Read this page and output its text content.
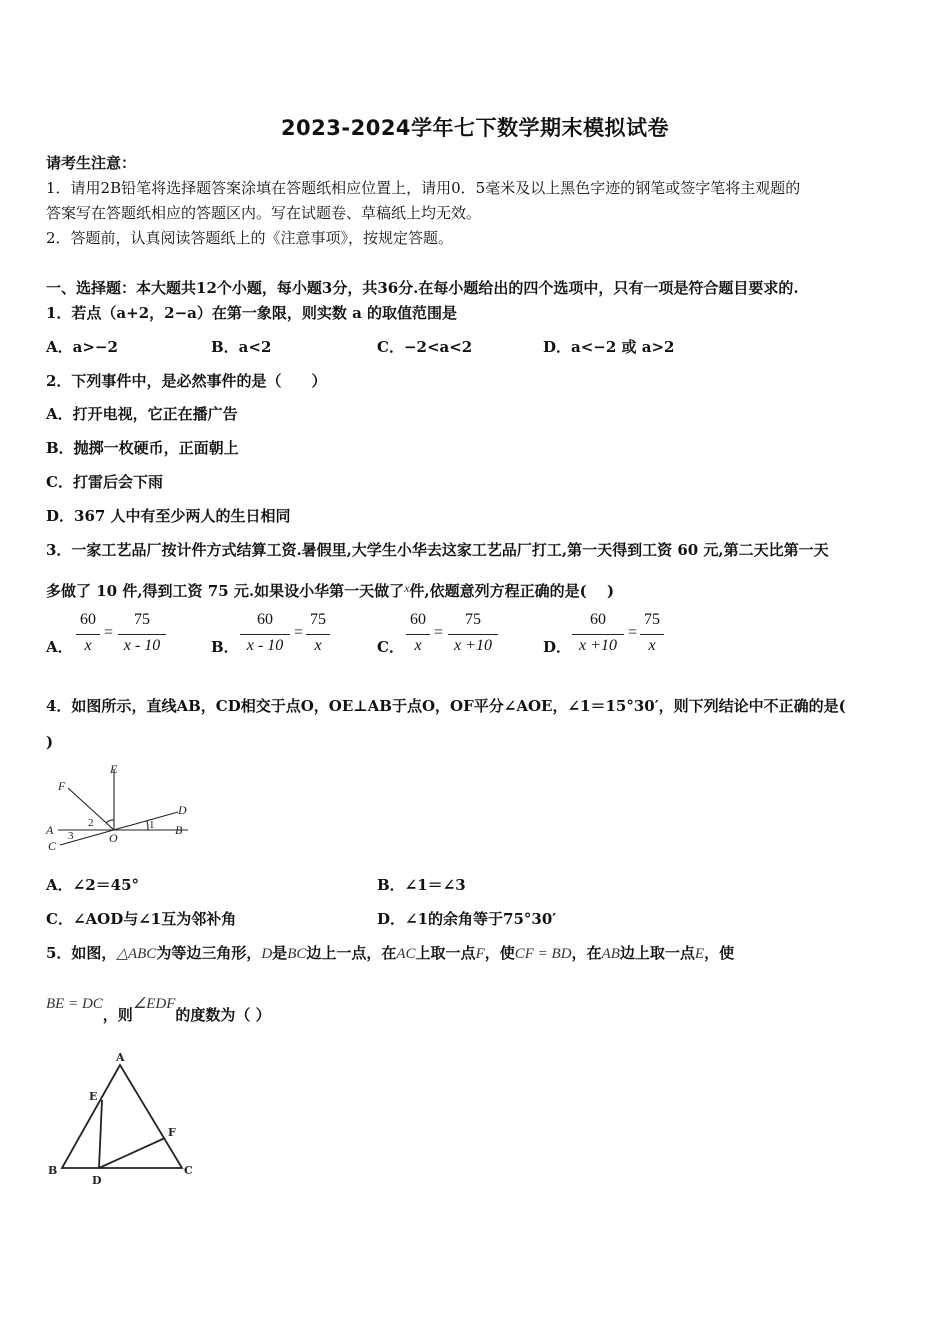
2023-2024学年七下数学期末模拟试卷
请考生注意：
1．请用2B铅笔将选择题答案涂填在答题纸相应位置上，请用0．5毫米及以上黑色字迹的钢笔或签字笔将主观题的
答案写在答题纸相应的答题区内。写在试题卷、草稿纸上均无效。
2．答题前，认真阅读答题纸上的《注意事项》，按规定答题。
一、选择题：本大题共12个小题，每小题3分，共36分.在每小题给出的四个选项中，只有一项是符合题目要求的.
1．若点（a+2，2−a）在第一象限，则实数 a 的取值范围是
A．a>−2	B．a<2	C．−2<a<2	D．a<−2 或 a>2
2．下列事件中，是必然事件的是（　　）
A．打开电视，它正在播广告
B．抛掷一枚硬币，正面朝上
C．打雷后会下雨
D．367 人中有至少两人的生日相同
3．一家工艺品厂按计件方式结算工资.暑假里,大学生小华去这家工艺品厂打工,第一天得到工资 60 元,第二天比第一天
多做了 10 件,得到工资 75 元.如果设小华第一天做了$^x$件,依题意列方程正确的是(　 )
A．
60
x
=
75
x - 10	B．
60
x - 10
=
75
x	C．
60
x
=
75
x +10	D．
60
x +10
=
75
x
4．如图所示，直线AB，CD相交于点O，OE⊥AB于点O，OF平分∠AOE，∠1＝15°30′，则下列结论中不正确的是(
)
E
F
D
A	B
C
O
2	1
3
A．∠2＝45°	B．∠1＝∠3
C．∠AOD与∠1互为邻补角	D．∠1的余角等于75°30′
5．如图，△ABC为等边三角形，D是BC边上一点，在AC上取一点F，使CF = BD，在AB边上取一点E，使
BE = DC，则∠EDF的度数为（ ）
A
B	C
D
E
F
